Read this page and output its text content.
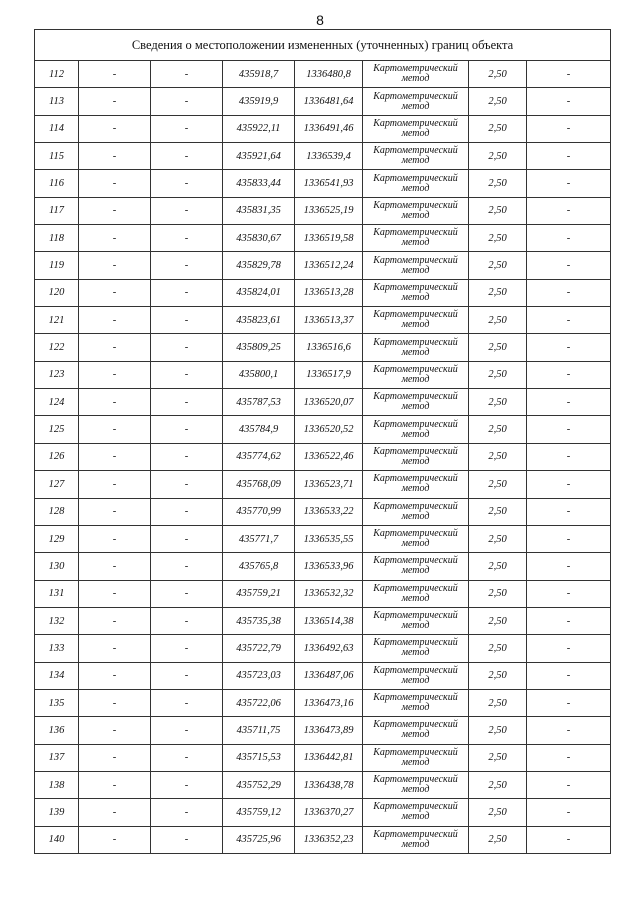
8
Сведения о местоположении измененных (уточненных) границ объекта							
112	-	-	435918,7	1336480,8	Картометрический метод	2,50	-
113	-	-	435919,9	1336481,64	Картометрический метод	2,50	-
114	-	-	435922,11	1336491,46	Картометрический метод	2,50	-
115	-	-	435921,64	1336539,4	Картометрический метод	2,50	-
116	-	-	435833,44	1336541,93	Картометрический метод	2,50	-
117	-	-	435831,35	1336525,19	Картометрический метод	2,50	-
118	-	-	435830,67	1336519,58	Картометрический метод	2,50	-
119	-	-	435829,78	1336512,24	Картометрический метод	2,50	-
120	-	-	435824,01	1336513,28	Картометрический метод	2,50	-
121	-	-	435823,61	1336513,37	Картометрический метод	2,50	-
122	-	-	435809,25	1336516,6	Картометрический метод	2,50	-
123	-	-	435800,1	1336517,9	Картометрический метод	2,50	-
124	-	-	435787,53	1336520,07	Картометрический метод	2,50	-
125	-	-	435784,9	1336520,52	Картометрический метод	2,50	-
126	-	-	435774,62	1336522,46	Картометрический метод	2,50	-
127	-	-	435768,09	1336523,71	Картометрический метод	2,50	-
128	-	-	435770,99	1336533,22	Картометрический метод	2,50	-
129	-	-	435771,7	1336535,55	Картометрический метод	2,50	-
130	-	-	435765,8	1336533,96	Картометрический метод	2,50	-
131	-	-	435759,21	1336532,32	Картометрический метод	2,50	-
132	-	-	435735,38	1336514,38	Картометрический метод	2,50	-
133	-	-	435722,79	1336492,63	Картометрический метод	2,50	-
134	-	-	435723,03	1336487,06	Картометрический метод	2,50	-
135	-	-	435722,06	1336473,16	Картометрический метод	2,50	-
136	-	-	435711,75	1336473,89	Картометрический метод	2,50	-
137	-	-	435715,53	1336442,81	Картометрический метод	2,50	-
138	-	-	435752,29	1336438,78	Картометрический метод	2,50	-
139	-	-	435759,12	1336370,27	Картометрический метод	2,50	-
140	-	-	435725,96	1336352,23	Картометрический метод	2,50	-
